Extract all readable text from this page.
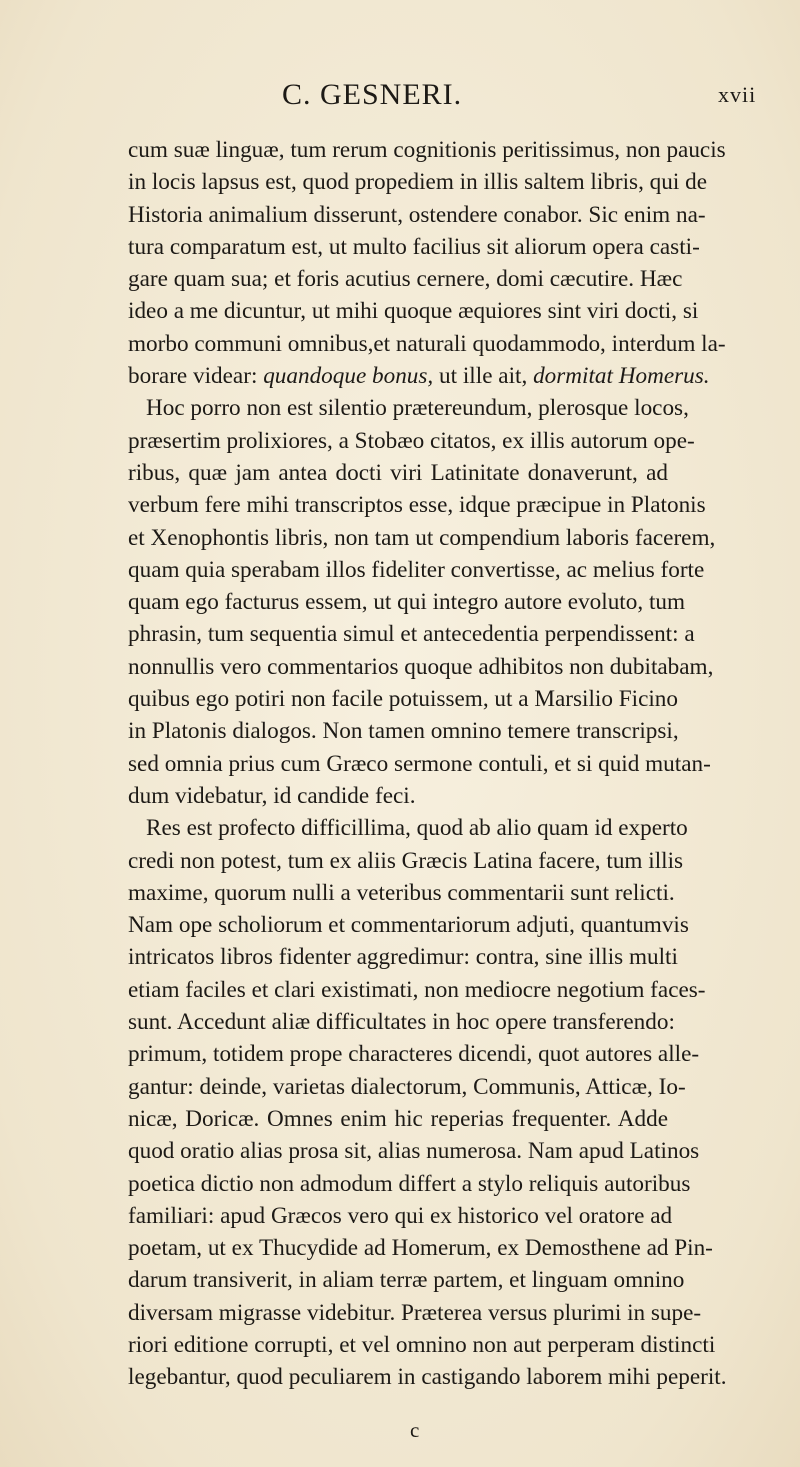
C. GESNERI.	xvii
cum suæ linguæ, tum rerum cognitionis peritissimus, non paucis
in locis lapsus est, quod propediem in illis saltem libris, qui de
Historia animalium disserunt, ostendere conabor. Sic enim na-
tura comparatum est, ut multo facilius sit aliorum opera casti-
gare quam sua; et foris acutius cernere, domi cæcutire. Hæc
ideo a me dicuntur, ut mihi quoque æquiores sint viri docti, si
morbo communi omnibus,et naturali quodammodo, interdum la-
borare videar: quandoque bonus, ut ille ait, dormitat Homerus.
Hoc porro non est silentio prætereundum, plerosque locos,
præsertim prolixiores, a Stobæo citatos, ex illis autorum ope-
ribus, quæ jam antea docti viri Latinitate donaverunt, ad
verbum fere mihi transcriptos esse, idque præcipue in Platonis
et Xenophontis libris, non tam ut compendium laboris facerem,
quam quia sperabam illos fideliter convertisse, ac melius forte
quam ego facturus essem, ut qui integro autore evoluto, tum
phrasin, tum sequentia simul et antecedentia perpendissent: a
nonnullis vero commentarios quoque adhibitos non dubitabam,
quibus ego potiri non facile potuissem, ut a Marsilio Ficino
in Platonis dialogos. Non tamen omnino temere transcripsi,
sed omnia prius cum Græco sermone contuli, et si quid mutan-
dum videbatur, id candide feci.
Res est profecto difficillima, quod ab alio quam id experto
credi non potest, tum ex aliis Græcis Latina facere, tum illis
maxime, quorum nulli a veteribus commentarii sunt relicti.
Nam ope scholiorum et commentariorum adjuti, quantumvis
intricatos libros fidenter aggredimur: contra, sine illis multi
etiam faciles et clari existimati, non mediocre negotium faces-
sunt. Accedunt aliæ difficultates in hoc opere transferendo:
primum, totidem prope characteres dicendi, quot autores alle-
gantur: deinde, varietas dialectorum, Communis, Atticæ, Io-
nicæ, Doricæ. Omnes enim hic reperias frequenter. Adde
quod oratio alias prosa sit, alias numerosa. Nam apud Latinos
poetica dictio non admodum differt a stylo reliquis autoribus
familiari: apud Græcos vero qui ex historico vel oratore ad
poetam, ut ex Thucydide ad Homerum, ex Demosthene ad Pin-
darum transiverit, in aliam terræ partem, et linguam omnino
diversam migrasse videbitur. Præterea versus plurimi in supe-
riori editione corrupti, et vel omnino non aut perperam distincti
legebantur, quod peculiarem in castigando laborem mihi peperit.
c
